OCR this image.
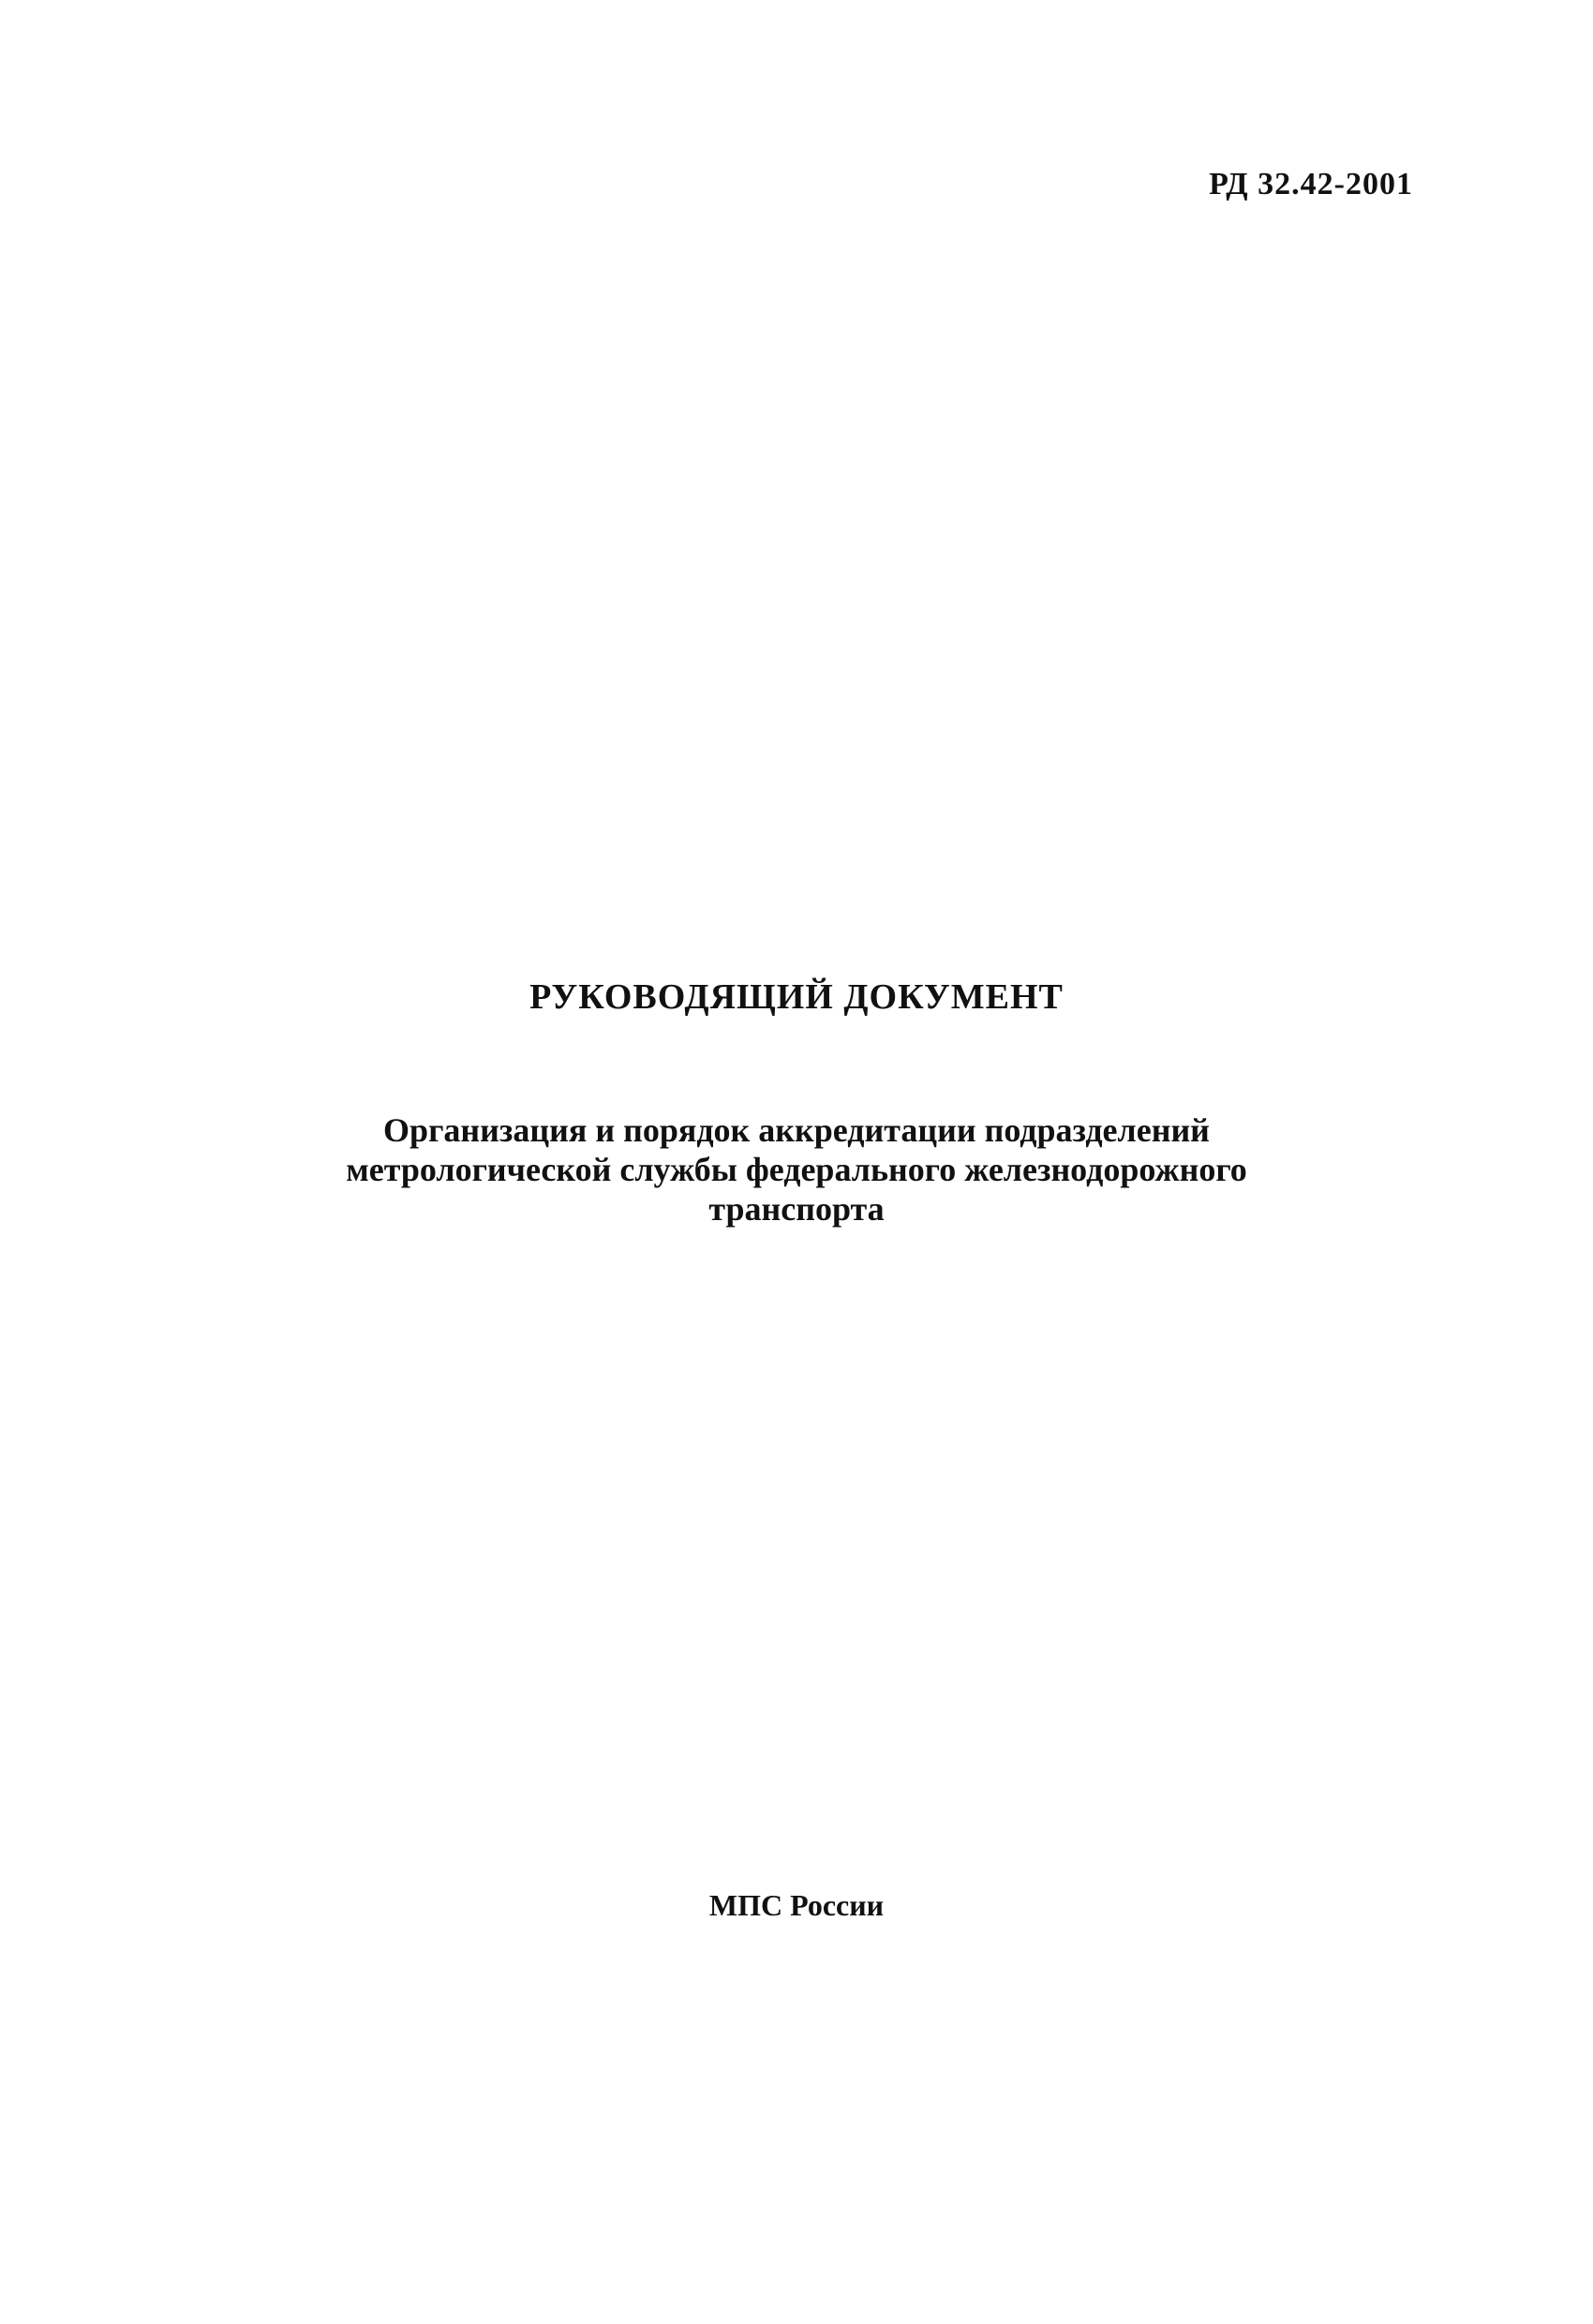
РД 32.42-2001
РУКОВОДЯЩИЙ ДОКУМЕНТ
Организация и порядок аккредитации подразделений
метрологической службы федерального железнодорожного
транспорта
МПС России
